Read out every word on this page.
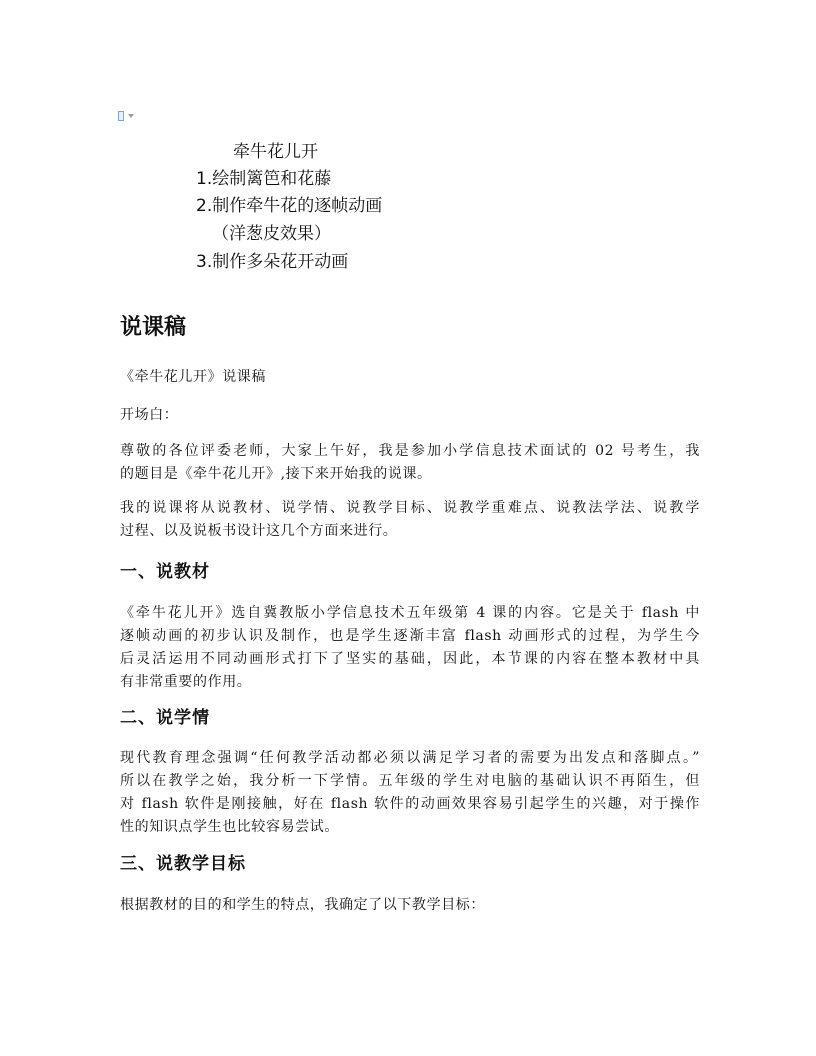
牵牛花儿开
1.绘制篱笆和花藤
2.制作牵牛花的逐帧动画
（洋葱皮效果）
3.制作多朵花开动画
说课稿
《牵牛花儿开》说课稿
开场白：
尊敬的各位评委老师，大家上午好，我是参加小学信息技术面试的 02 号考生，我
的题目是《牵牛花儿开》,接下来开始我的说课。
我的说课将从说教材、说学情、说教学目标、说教学重难点、说教法学法、说教学
过程、以及说板书设计这几个方面来进行。
一、说教材
《牵牛花儿开》选自冀教版小学信息技术五年级第 4 课的内容。它是关于 flash 中
逐帧动画的初步认识及制作，也是学生逐渐丰富 flash 动画形式的过程，为学生今
后灵活运用不同动画形式打下了坚实的基础，因此，本节课的内容在整本教材中具
有非常重要的作用。
二、说学情
现代教育理念强调“任何教学活动都必须以满足学习者的需要为出发点和落脚点。”
所以在教学之始，我分析一下学情。五年级的学生对电脑的基础认识不再陌生，但
对 flash 软件是刚接触，好在 flash 软件的动画效果容易引起学生的兴趣，对于操作
性的知识点学生也比较容易尝试。
三、说教学目标
根据教材的目的和学生的特点，我确定了以下教学目标：
